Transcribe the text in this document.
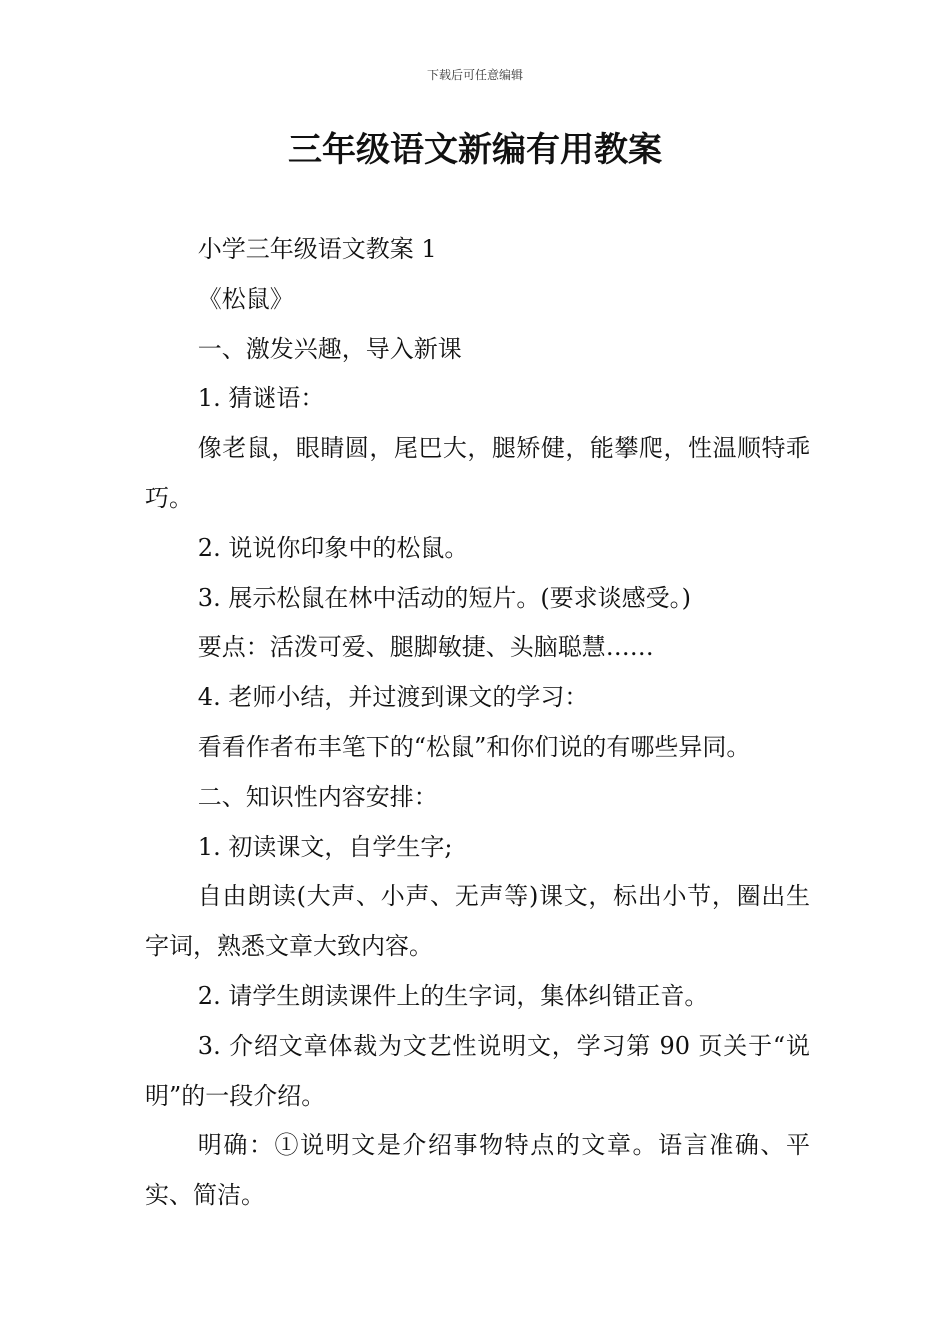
下载后可任意编辑
三年级语文新编有用教案

小学三年级语文教案 1

《松鼠》

一、激发兴趣，导入新课

1. 猜谜语：

像老鼠，眼睛圆，尾巴大，腿矫健，能攀爬，性温顺特乖巧。

2. 说说你印象中的松鼠。

3. 展示松鼠在林中活动的短片。(要求谈感受。)

要点：活泼可爱、腿脚敏捷、头脑聪慧……

4. 老师小结，并过渡到课文的学习：

看看作者布丰笔下的“松鼠”和你们说的有哪些异同。

二、知识性内容安排：

1. 初读课文，自学生字;

自由朗读(大声、小声、无声等)课文，标出小节，圈出生字词，熟悉文章大致内容。

2. 请学生朗读课件上的生字词，集体纠错正音。

3. 介绍文章体裁为文艺性说明文，学习第 90 页关于“说明”的一段介绍。

明确：①说明文是介绍事物特点的文章。语言准确、平实、简洁。
